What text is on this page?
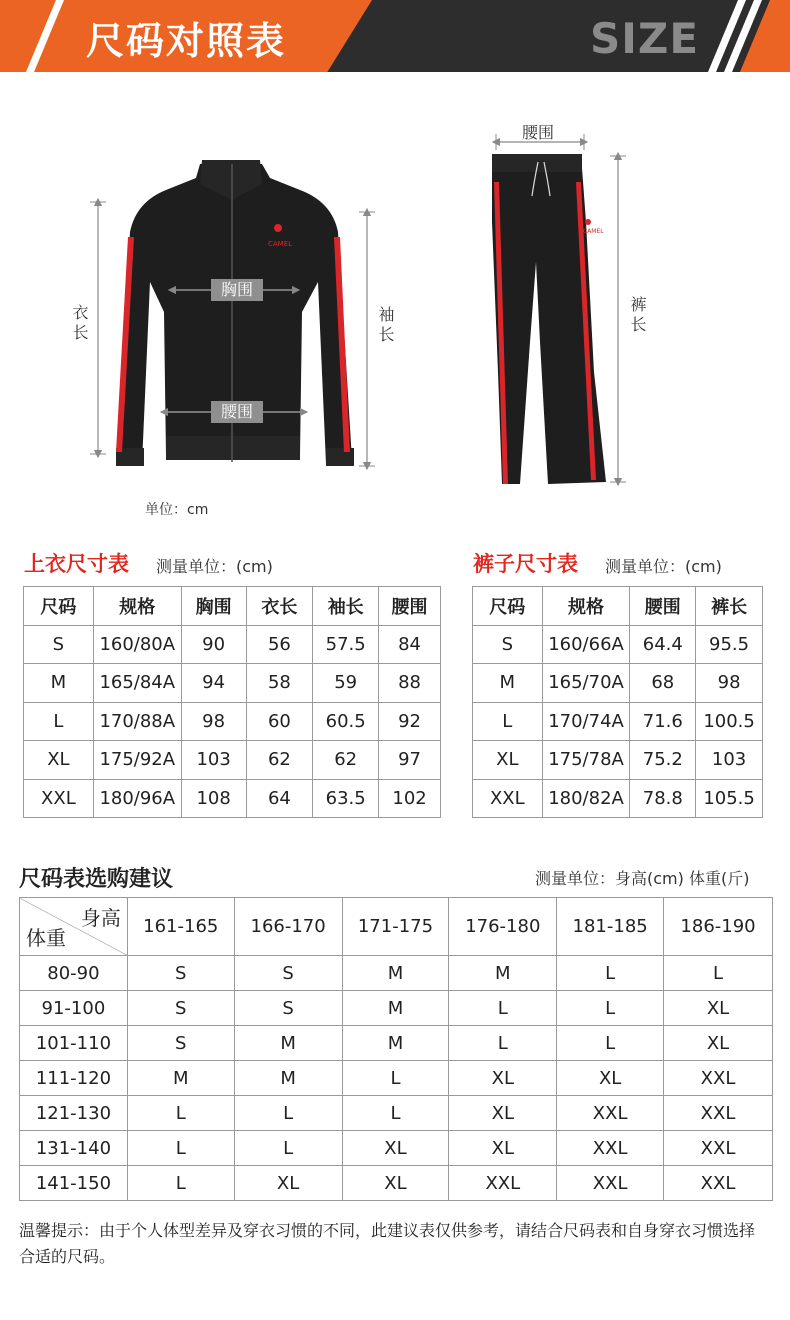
尺码对照表	SIZE
衣长	袖长
胸围
腰围
腰围
裤长
CAMEL
CAMEL
单位：cm
上衣尺寸表 测量单位：(cm)
尺码	规格	胸围	衣长	袖长	腰围
S	160/80A	90	56	57.5	84
M	165/84A	94	58	59	88
L	170/88A	98	60	60.5	92
XL	175/92A	103	62	62	97
XXL	180/96A	108	64	63.5	102
裤子尺寸表 测量单位：(cm)
尺码	规格	腰围	裤长
S	160/66A	64.4	95.5
M	165/70A	68	98
L	170/74A	71.6	100.5
XL	175/78A	75.2	103
XXL	180/82A	78.8	105.5
尺码表选购建议	测量单位：身高(cm) 体重(斤)
身高
体重	161-165	166-170	171-175	176-180	181-185	186-190
80-90	S	S	M	M	L	L
91-100	S	S	M	L	L	XL
101-110	S	M	M	L	L	XL
111-120	M	M	L	XL	XL	XXL
121-130	L	L	L	XL	XXL	XXL
131-140	L	L	XL	XL	XXL	XXL
141-150	L	XL	XL	XXL	XXL	XXL
温馨提示：由于个人体型差异及穿衣习惯的不同，此建议表仅供参考，请结合尺码表和自身穿衣习惯选择合适的尺码。
